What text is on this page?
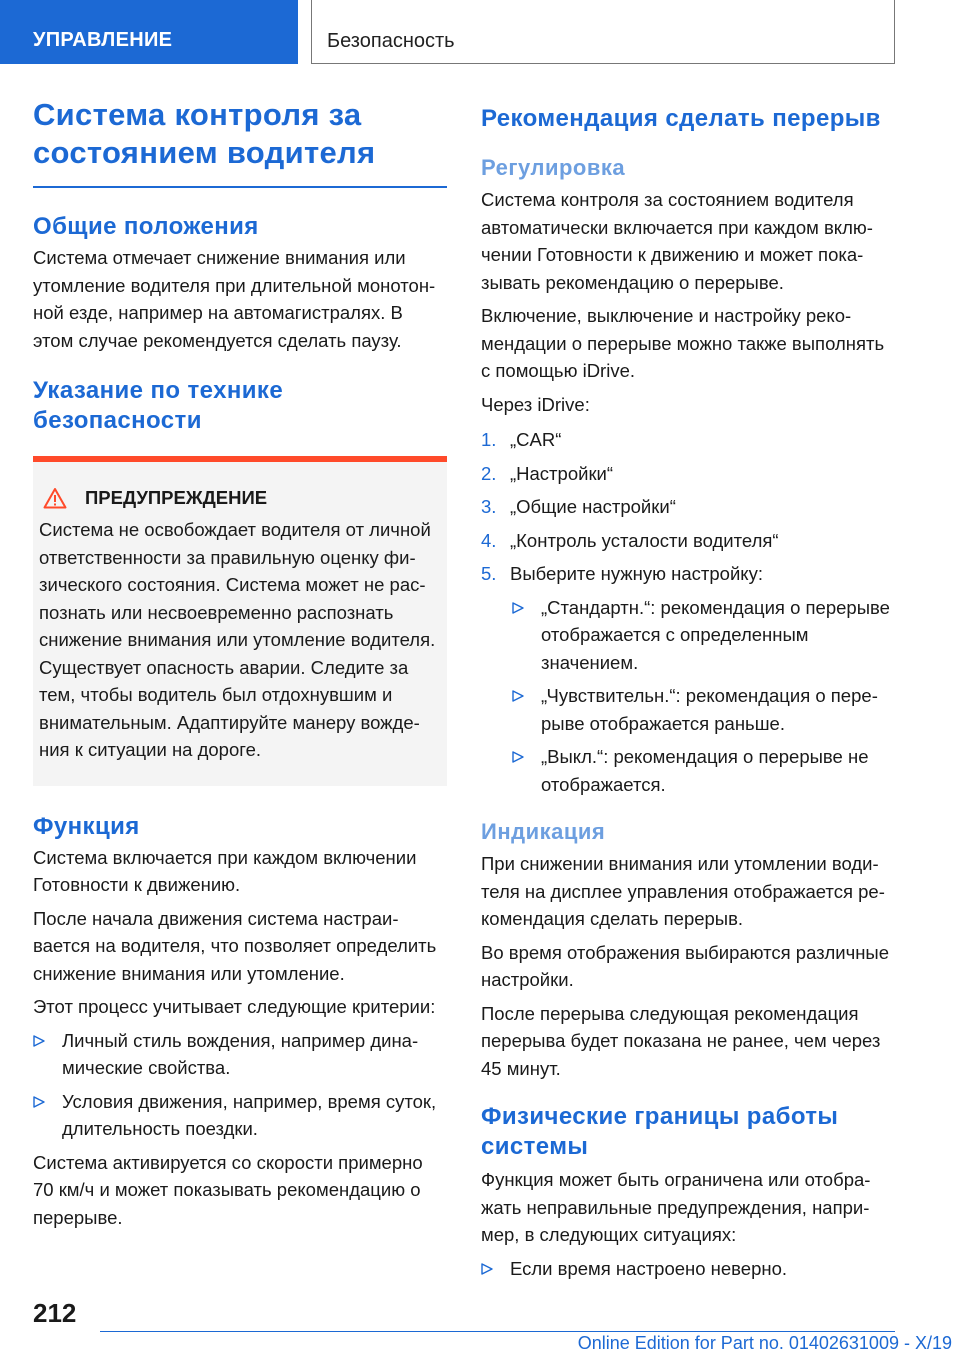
УПРАВЛЕНИЕ	Безопасность
Система контроля за состоянием водителя
Общие положения

Система отмечает снижение внимания или утомление водителя при длительной монотонной езде, например на автомагистралях. В этом случае рекомендуется сделать паузу.

Указание по технике безопасности
ПРЕДУПРЕЖДЕНИЕ

Система не освобождает водителя от личной ответственности за правильную оценку физического состояния. Система может не распознать или несвоевременно распознать снижение внимания или утомление водителя. Существует опасность аварии. Следите за тем, чтобы водитель был отдохнувшим и внимательным. Адаптируйте манеру вождения к ситуации на дороге.

Функция

Система включается при каждом включении Готовности к движению.

После начала движения система настраивается на водителя, что позволяет определить снижение внимания или утомление.

Этот процесс учитывает следующие критерии:

Личный стиль вождения, например динамические свойства.
Условия движения, например, время суток, длительность поездки.

Система активируется со скорости примерно 70 км/ч и может показывать рекомендацию о перерыве.

Рекомендация сделать перерыв
Регулировка

Система контроля за состоянием водителя автоматически включается при каждом включении Готовности к движению и может показывать рекомендацию о перерыве.

Включение, выключение и настройку рекомендации о перерыве можно также выполнять с помощью iDrive.

Через iDrive:

1. „CAR“
2. „Настройки“
3. „Общие настройки“
4. „Контроль усталости водителя“
5. Выберите нужную настройку:
„Стандартн.“: рекомендация о перерыве отображается с определенным значением.
„Чувствительн.“: рекомендация о перерыве отображается раньше.
„Выкл.“: рекомендация о перерыве не отображается.
Индикация

При снижении внимания или утомлении водителя на дисплее управления отображается рекомендация сделать перерыв.

Во время отображения выбираются различные настройки.

После перерыва следующая рекомендация перерыва будет показана не ранее, чем через 45 минут.

Физические границы работы системы

Функция может быть ограничена или отображать неправильные предупреждения, например, в следующих ситуациях:

Если время настроено неверно.
212
Online Edition for Part no. 01402631009 - X/19
